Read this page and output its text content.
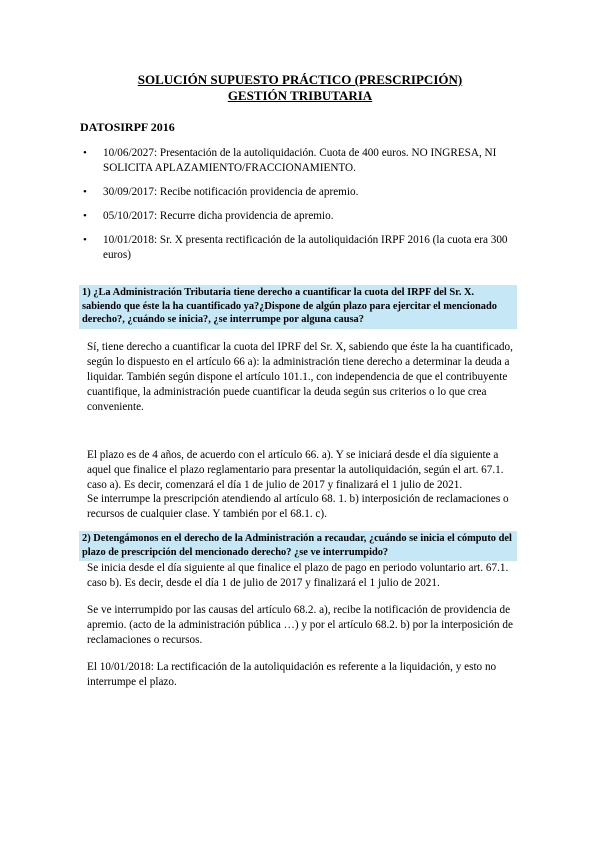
SOLUCIÓN SUPUESTO PRÁCTICO (PRESCRIPCIÓN)
GESTIÓN TRIBUTARIA
DATOSIRPF 2016
• 10/06/2027: Presentación de la autoliquidación. Cuota de 400 euros. NO INGRESA, NI SOLICITA APLAZAMIENTO/FRACCIONAMIENTO.
• 30/09/2017: Recibe notificación providencia de apremio.
• 05/10/2017: Recurre dicha providencia de apremio.
• 10/01/2018: Sr. X presenta rectificación de la autoliquidación IRPF 2016 (la cuota era 300 euros)
1) ¿La Administración Tributaria tiene derecho a cuantificar la cuota del IRPF del Sr. X. sabiendo que éste la ha cuantificado ya?¿Dispone de algún plazo para ejercitar el mencionado derecho?, ¿cuándo se inicia?, ¿se interrumpe por alguna causa?
Sí, tiene derecho a cuantificar la cuota del IPRF del Sr. X, sabiendo que éste la ha cuantificado, según lo dispuesto en el artículo 66 a): la administración tiene derecho a determinar la deuda a liquidar. También según dispone el artículo 101.1., con independencia de que el contribuyente cuantifique, la administración puede cuantificar la deuda según sus criterios o lo que crea conveniente.
El plazo es de 4 años, de acuerdo con el artículo 66. a). Y se iniciará desde el día siguiente a aquel que finalice el plazo reglamentario para presentar la autoliquidación, según el art. 67.1. caso a). Es decir, comenzará el día 1 de julio de 2017 y finalizará el 1 julio de 2021.
Se interrumpe la prescripción atendiendo al artículo 68. 1. b) interposición de reclamaciones o recursos de cualquier clase. Y también por el 68.1. c).
2) Detengámonos en el derecho de la Administración a recaudar, ¿cuándo se inicia el cómputo del plazo de prescripción del mencionado derecho? ¿se ve interrumpido?
Se inicia desde el día siguiente al que finalice el plazo de pago en periodo voluntario art. 67.1. caso b). Es decir, desde el día 1 de julio de 2017 y finalizará el 1 julio de 2021.
Se ve interrumpido por las causas del artículo 68.2. a), recibe la notificación de providencia de apremio. (acto de la administración pública …) y por el artículo 68.2. b) por la interposición de reclamaciones o recursos.
El 10/01/2018: La rectificación de la autoliquidación es referente a la liquidación, y esto no interrumpe el plazo.
